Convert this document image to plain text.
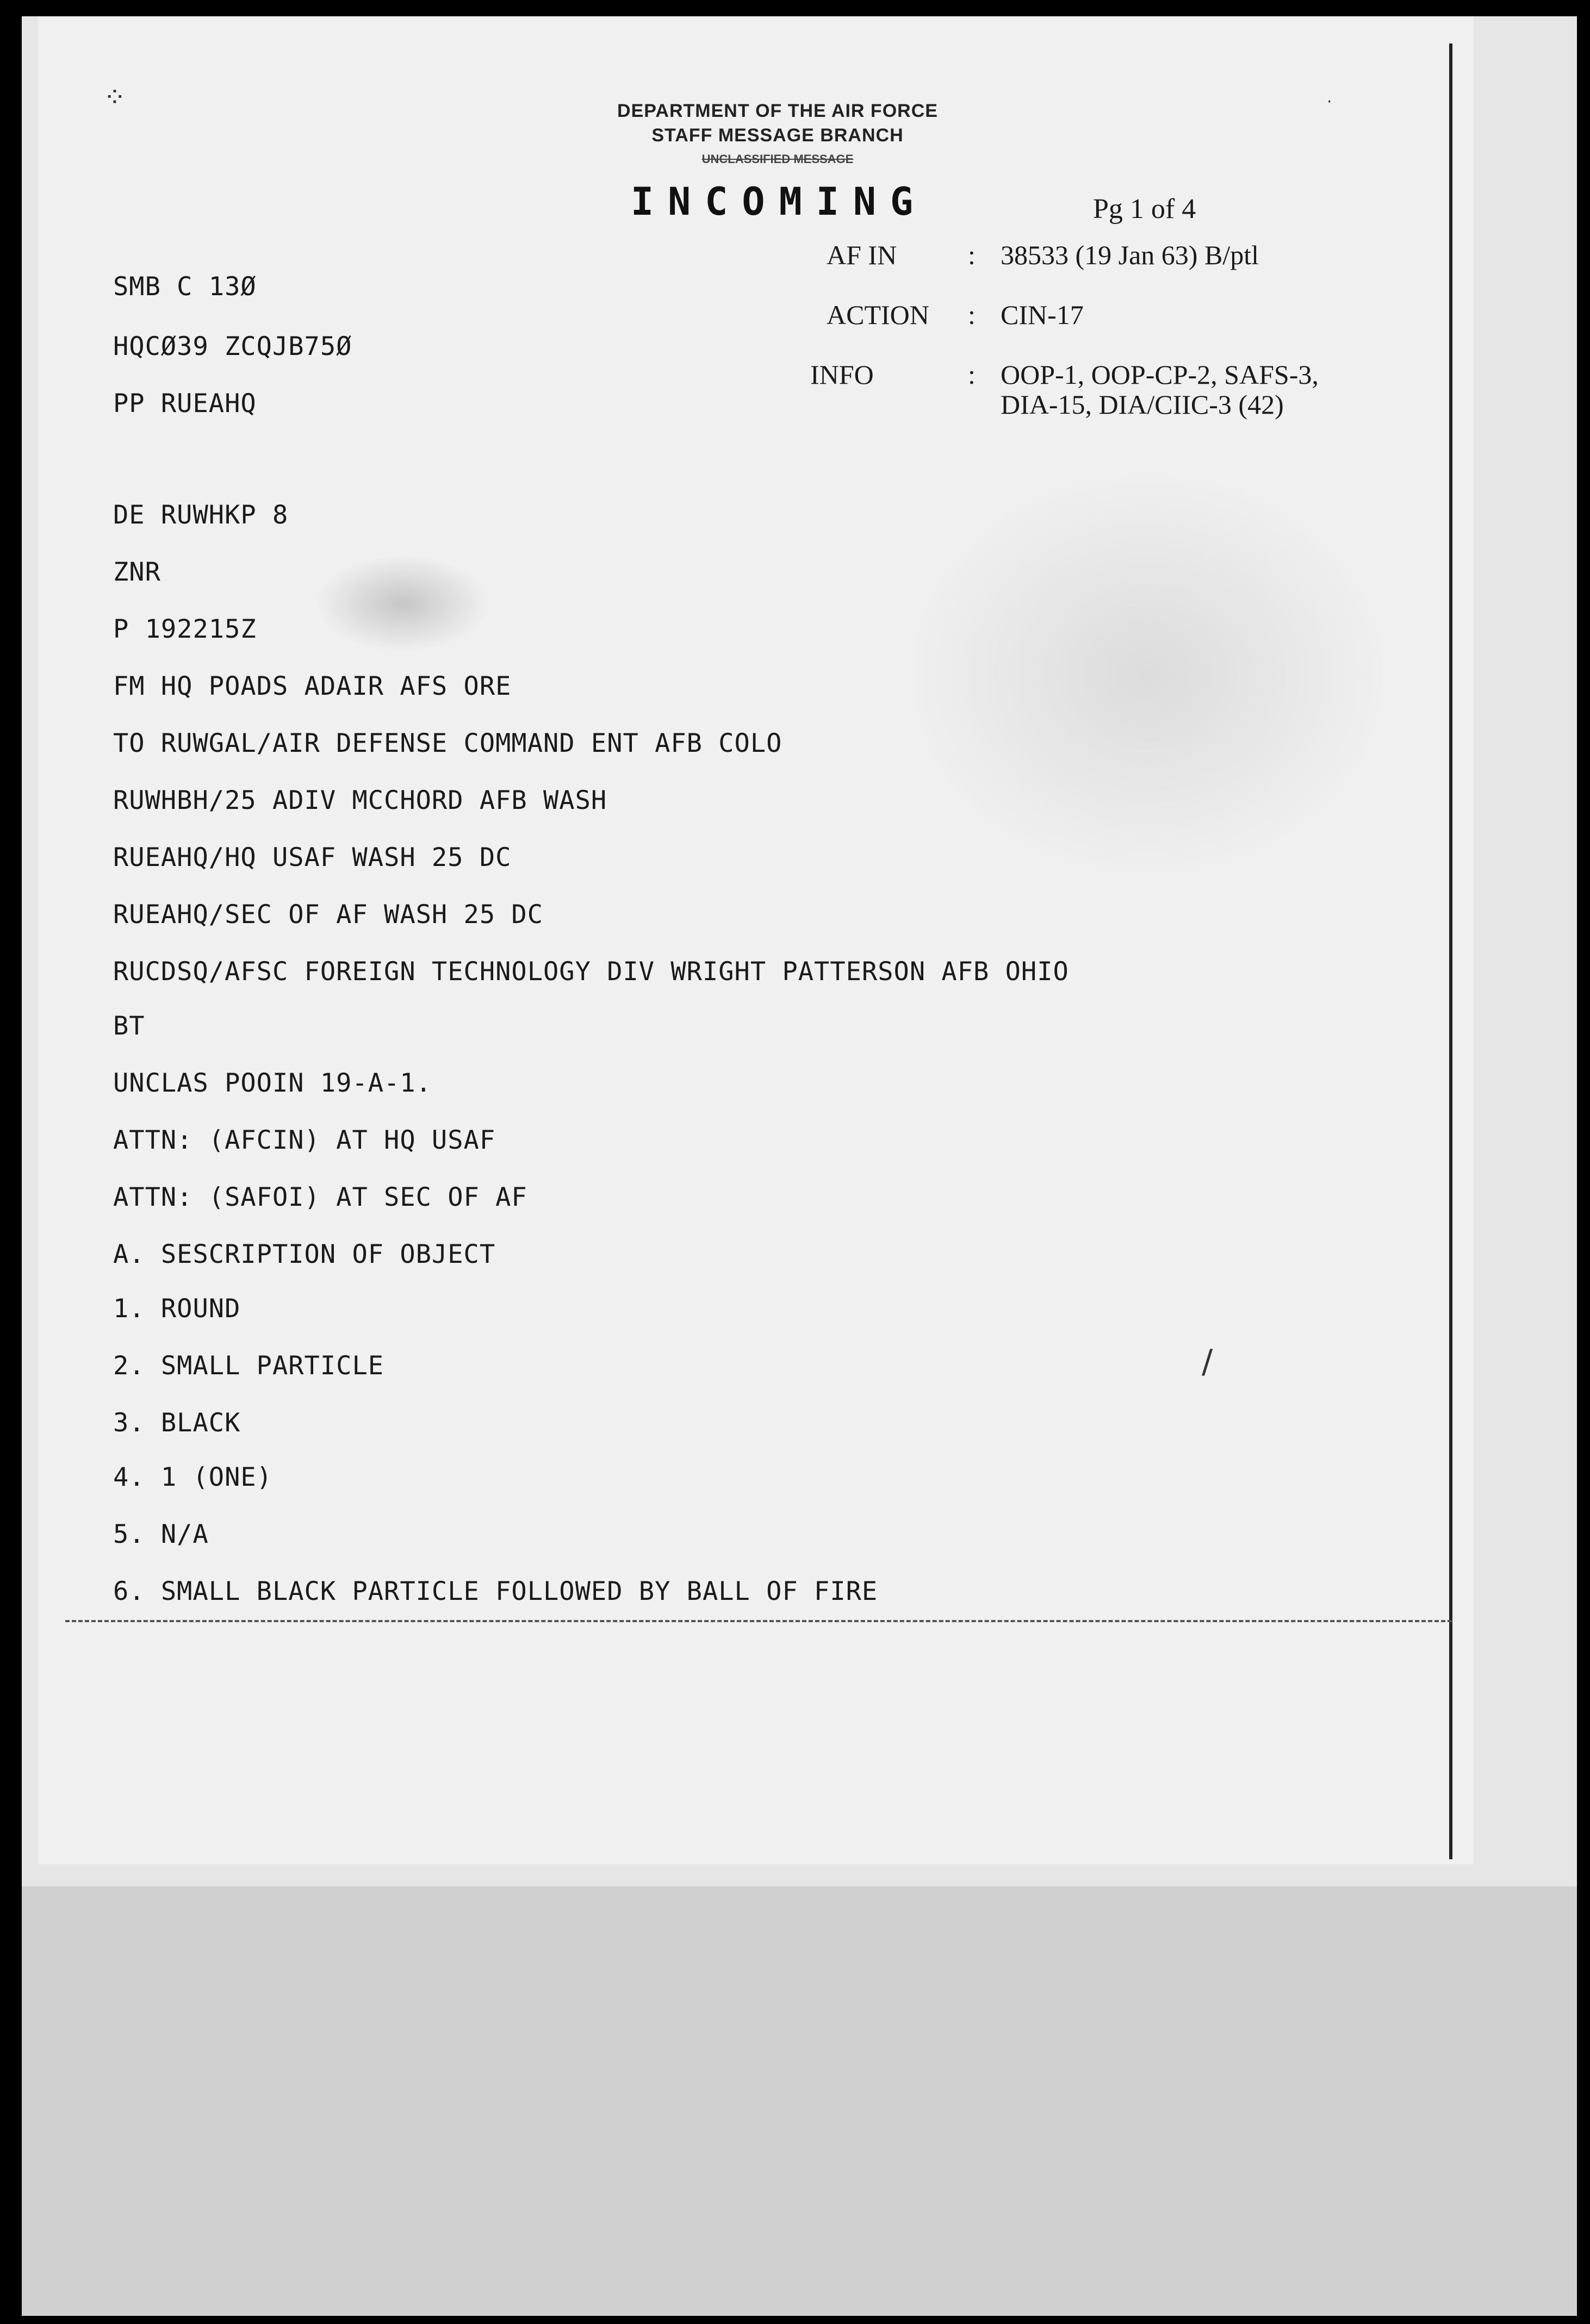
DEPARTMENT OF THE AIR FORCE
STAFF MESSAGE BRANCH
UNCLASSIFIED MESSAGE
INCOMING	Pg 1 of 4
AF IN	: 38533 (19 Jan 63) B/ptl
ACTION : CIN-17
INFO	: OOP-1, OOP-CP-2, SAFS-3,
DIA-15, DIA/CIIC-3 (42)
SMB C 13Ø
HQCØ39 ZCQJB75Ø
PP RUEAHQ
DE RUWHKP 8
ZNR
P 192215Z
FM HQ POADS ADAIR AFS ORE
TO RUWGAL/AIR DEFENSE COMMAND ENT AFB COLO
RUWHBH/25 ADIV MCCHORD AFB WASH
RUEAHQ/HQ USAF WASH 25 DC
RUEAHQ/SEC OF AF WASH 25 DC
RUCDSQ/AFSC FOREIGN TECHNOLOGY DIV WRIGHT PATTERSON AFB OHIO
BT
UNCLAS POOIN 19-A-1.
ATTN: (AFCIN) AT HQ USAF
ATTN: (SAFOI) AT SEC OF AF
A. SESCRIPTION OF OBJECT
1. ROUND
2. SMALL PARTICLE
3. BLACK
4. 1 (ONE)
5. N/A
6. SMALL BLACK PARTICLE FOLLOWED BY BALL OF FIRE
⁘	·
/
